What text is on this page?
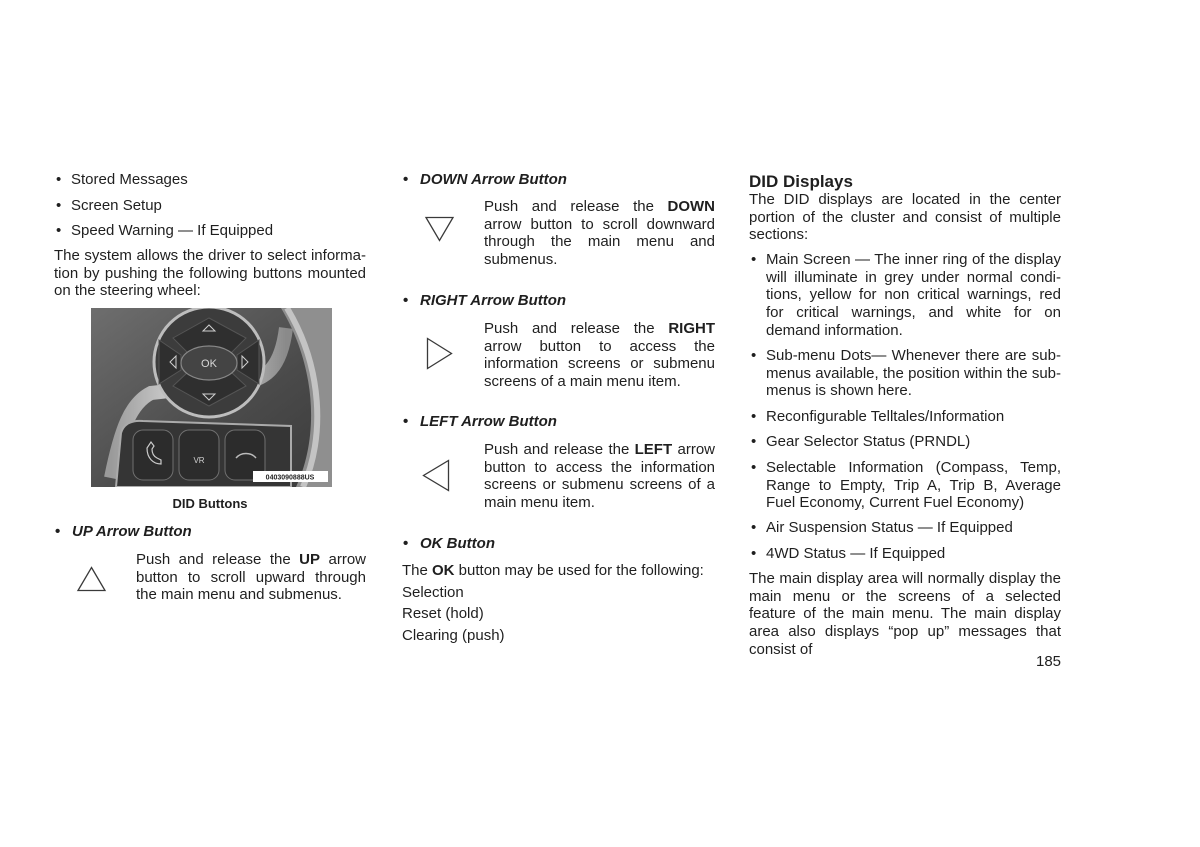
• Stored Messages
• Screen Setup
• Speed Warning — If Equipped

The system allows the driver to select informa-tion by pushing the following buttons mounted on the steering wheel:

OK
VR
0403090888US
DID Buttons
• UP Arrow Button
Push and release the UP arrow button to scroll upward through the main menu and submenus.
• DOWN Arrow Button
Push and release the DOWN arrow button to scroll downward through the main menu and submenus.
• RIGHT Arrow Button
Push and release the RIGHT arrow button to access the information screens or submenu screens of a main menu item.
• LEFT Arrow Button
Push and release the LEFT arrow button to access the information screens or submenu screens of a main menu item.
• OK Button
The OK button may be used for the following:
Selection
Reset (hold)
Clearing (push)
DID Displays

The DID displays are located in the center portion of the cluster and consist of multiple sections:

• Main Screen — The inner ring of the display will illuminate in grey under normal condi-tions, yellow for non critical warnings, red for critical warnings, and white for on demand information.
• Sub-menu Dots— Whenever there are sub-menus available, the position within the sub-menus is shown here.
• Reconfigurable Telltales/Information
• Gear Selector Status (PRNDL)
• Selectable Information (Compass, Temp, Range to Empty, Trip A, Trip B, Average Fuel Economy, Current Fuel Economy)
• Air Suspension Status — If Equipped
• 4WD Status — If Equipped

The main display area will normally display the main menu or the screens of a selected feature of the main menu. The main display area also displays “pop up” messages that consist of

185
